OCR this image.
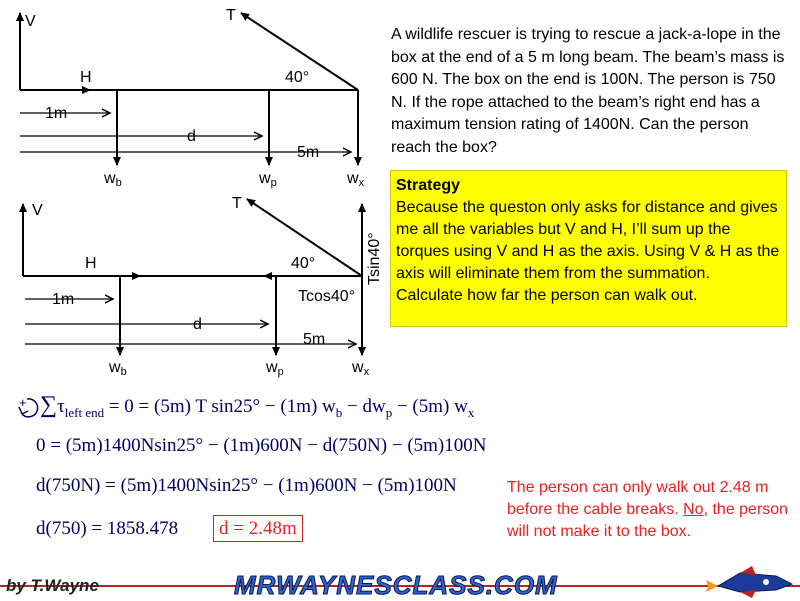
V	T
H	40°
1m
d
5m
wb	wp	wx
V	T
H	40°	Tsin40°
Tcos40°
1m
d
5m
wb	wp	wx
A wildlife rescuer is trying to rescue a jack-a-lope in the box at the end of a 5 m long beam. The beam’s mass is 600 N. The box on the end is 100N. The person is 750 N. If the rope attached to the beam’s right end has a maximum tension rating of 1400N. Can the person reach the box?
Strategy
Because the queston only asks for distance and gives me all the variables but V and H, I’ll sum up the torques using V and H as the axis. Using V & H as the axis will eliminate them from the summation. Calculate how far the person can walk out.
+ $\sum\tau_{left end} = 0 = (5m)$ T sin25° − (1m) $w_b - dw_p - (5m)$ $w_x$
0 = (5m)1400Nsin25° − (1m)600N − d(750N) − (5m)100N
d(750N) = (5m)1400Nsin25° − (1m)600N − (5m)100N
d(750) = 1858.478	d = 2.48m
The person can only walk out 2.48 m before the cable breaks. No, the person will not make it to the box.
by T.Wayne	MRWAYNESCLASS.COM
